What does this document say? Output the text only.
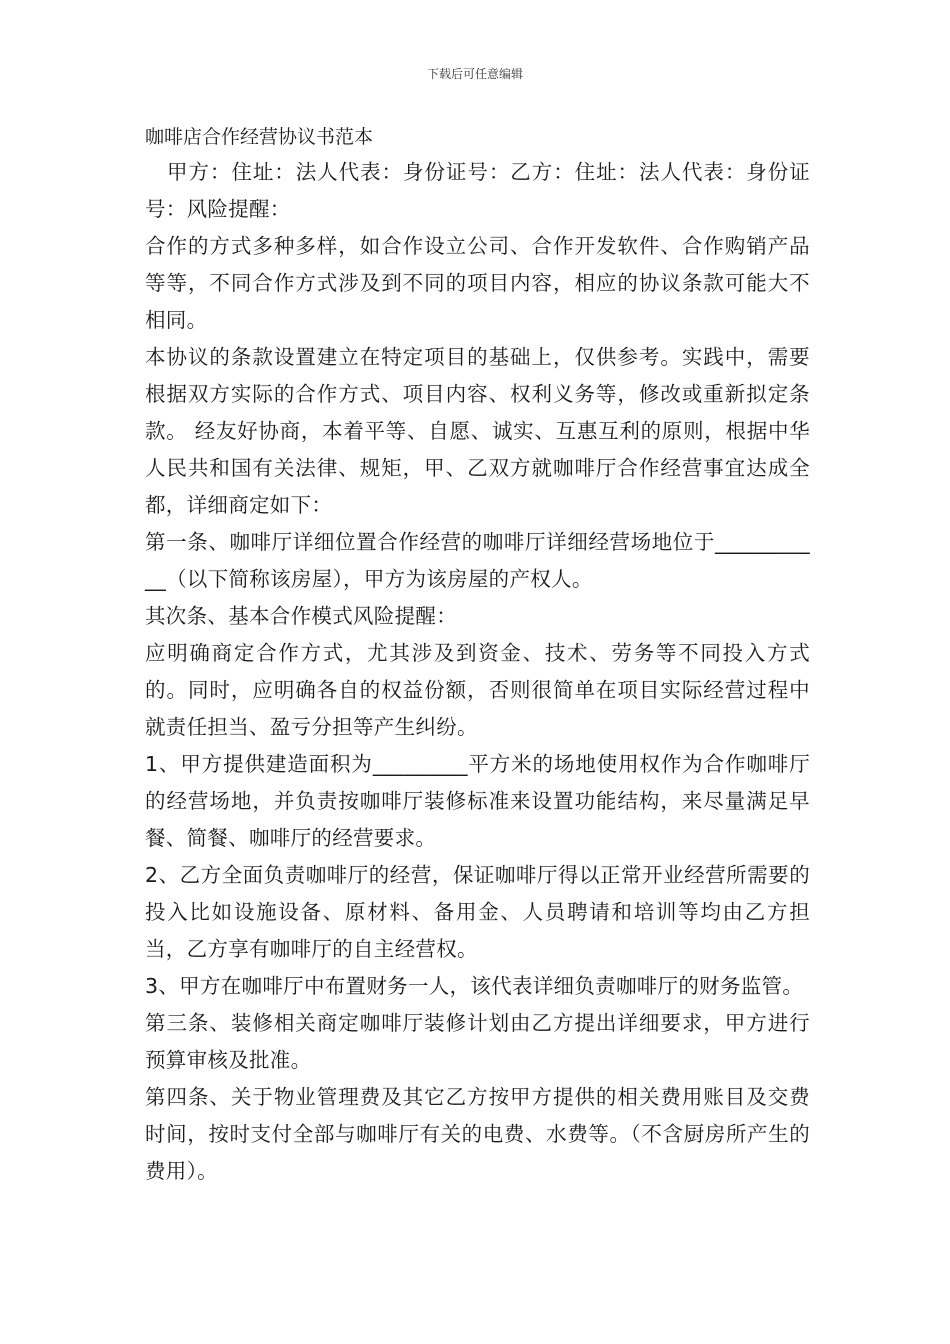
下载后可任意编辑

咖啡店合作经营协议书范本

甲方：住址：法人代表：身份证号：乙方：住址：法人代表：身份证号：风险提醒：

合作的方式多种多样，如合作设立公司、合作开发软件、合作购销产品等等，不同合作方式涉及到不同的项目内容，相应的协议条款可能大不相同。

本协议的条款设置建立在特定项目的基础上，仅供参考。实践中，需要根据双方实际的合作方式、项目内容、权利义务等，修改或重新拟定条款。 经友好协商，本着平等、自愿、诚实、互惠互利的原则，根据中华人民共和国有关法律、规矩，甲、乙双方就咖啡厅合作经营事宜达成全都，详细商定如下：

第一条、咖啡厅详细位置合作经营的咖啡厅详细经营场地位于___________（以下简称该房屋），甲方为该房屋的产权人。

其次条、基本合作模式风险提醒：

应明确商定合作方式，尤其涉及到资金、技术、劳务等不同投入方式的。同时，应明确各自的权益份额，否则很简单在项目实际经营过程中就责任担当、盈亏分担等产生纠纷。

1、甲方提供建造面积为_________平方米的场地使用权作为合作咖啡厅的经营场地，并负责按咖啡厅装修标准来设置功能结构，来尽量满足早餐、简餐、咖啡厅的经营要求。

2、乙方全面负责咖啡厅的经营，保证咖啡厅得以正常开业经营所需要的投入比如设施设备、原材料、备用金、人员聘请和培训等均由乙方担当，乙方享有咖啡厅的自主经营权。

3、甲方在咖啡厅中布置财务一人，该代表详细负责咖啡厅的财务监管。

第三条、装修相关商定咖啡厅装修计划由乙方提出详细要求，甲方进行预算审核及批准。

第四条、关于物业管理费及其它乙方按甲方提供的相关费用账目及交费时间，按时支付全部与咖啡厅有关的电费、水费等。（不含厨房所产生的费用）。
